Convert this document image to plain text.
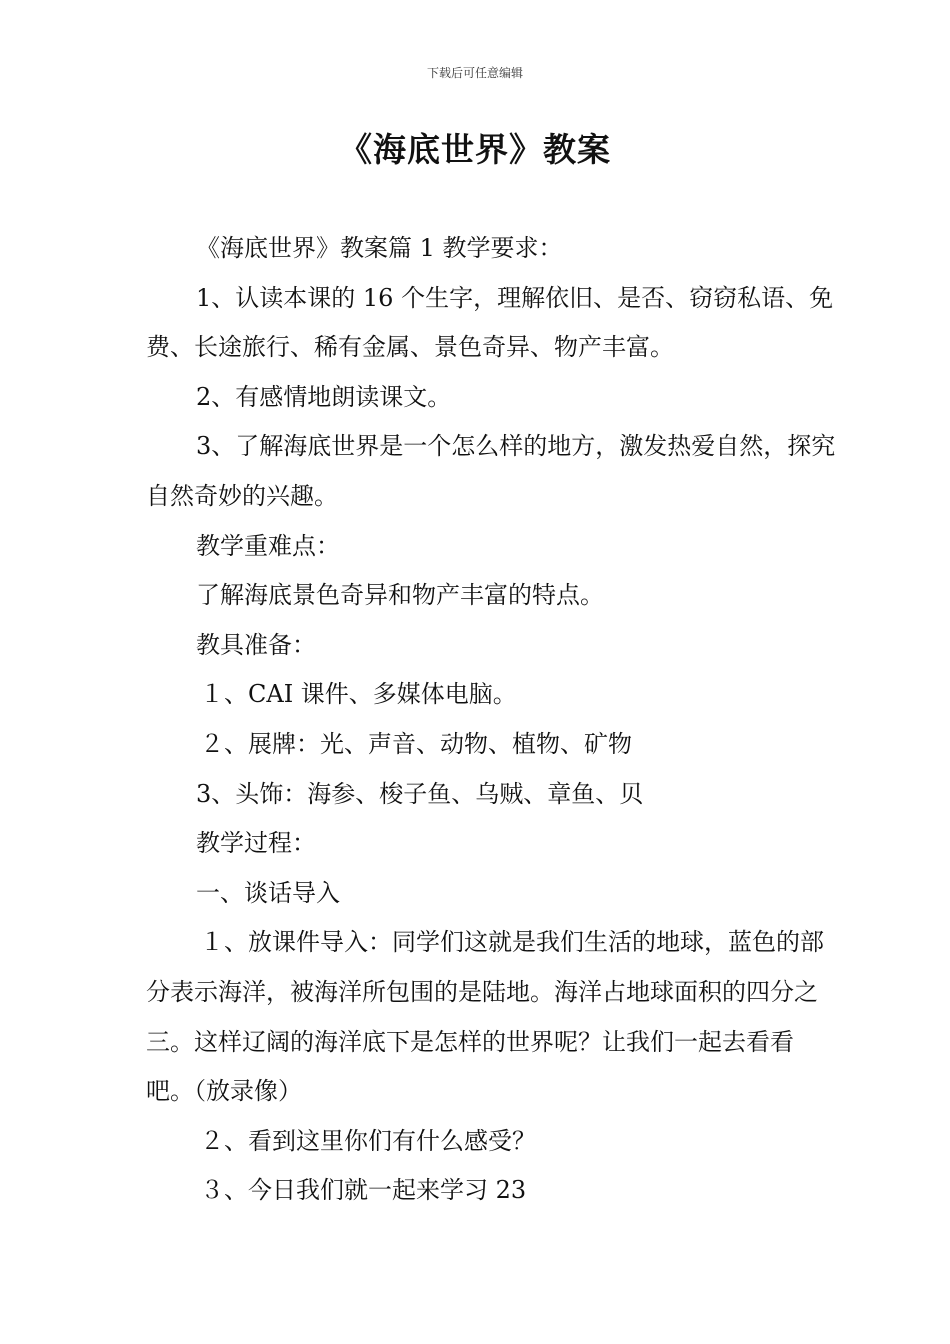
下载后可任意编辑
《海底世界》教案

《海底世界》教案篇 1 教学要求：

1、认读本课的 16 个生字，理解依旧、是否、窃窃私语、免费、长途旅行、稀有金属、景色奇异、物产丰富。

2、有感情地朗读课文。

3、了解海底世界是一个怎么样的地方，激发热爱自然，探究自然奇妙的兴趣。

教学重难点：

了解海底景色奇异和物产丰富的特点。

教具准备：

１、CAI 课件、多媒体电脑。

２、展牌：光、声音、动物、植物、矿物

3、头饰：海参、梭子鱼、乌贼、章鱼、贝

教学过程：

一、谈话导入

１、放课件导入：同学们这就是我们生活的地球，蓝色的部分表示海洋，被海洋所包围的是陆地。海洋占地球面积的四分之三。这样辽阔的海洋底下是怎样的世界呢？让我们一起去看看吧。（放录像）

２、看到这里你们有什么感受？

３、今日我们就一起来学习 23
